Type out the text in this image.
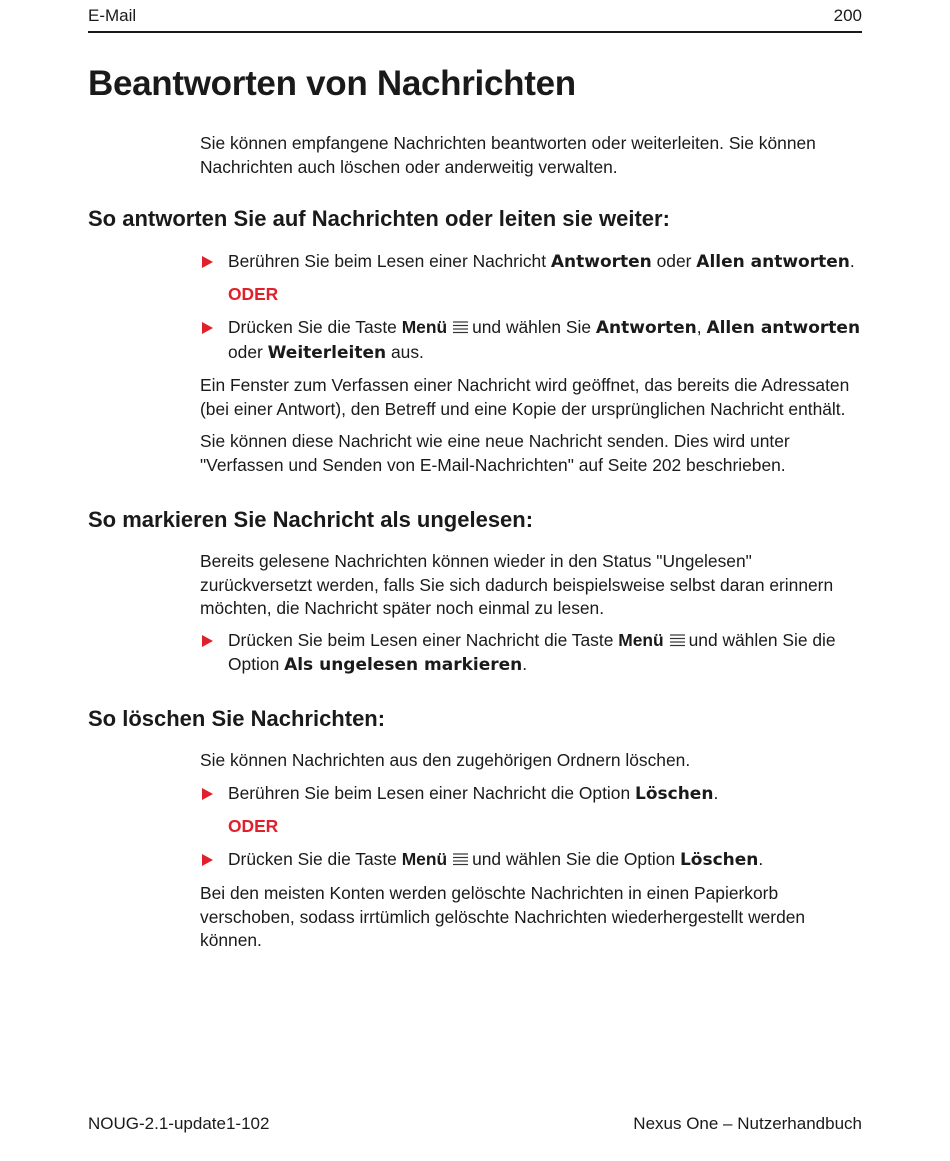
E-Mail	200
Beantworten von Nachrichten

Sie können empfangene Nachrichten beantworten oder weiterleiten. Sie können Nachrichten auch löschen oder anderweitig verwalten.

So antworten Sie auf Nachrichten oder leiten sie weiter:
Berühren Sie beim Lesen einer Nachricht Antworten oder Allen antworten.
ODER
Drücken Sie die Taste Menü und wählen Sie Antworten, Allen antworten
oder Weiterleiten aus.

Ein Fenster zum Verfassen einer Nachricht wird geöffnet, das bereits die Adressaten (bei einer Antwort), den Betreff und eine Kopie der ursprünglichen Nachricht enthält.

Sie können diese Nachricht wie eine neue Nachricht senden. Dies wird unter "Verfassen und Senden von E-Mail-Nachrichten" auf Seite 202 beschrieben.

So markieren Sie Nachricht als ungelesen:

Bereits gelesene Nachrichten können wieder in den Status "Ungelesen" zurückversetzt werden, falls Sie sich dadurch beispielsweise selbst daran erinnern möchten, die Nachricht später noch einmal zu lesen.

Drücken Sie beim Lesen einer Nachricht die Taste Menü und wählen Sie die Option Als ungelesen markieren.
So löschen Sie Nachrichten:

Sie können Nachrichten aus den zugehörigen Ordnern löschen.

Berühren Sie beim Lesen einer Nachricht die Option Löschen.
ODER
Drücken Sie die Taste Menü und wählen Sie die Option Löschen.

Bei den meisten Konten werden gelöschte Nachrichten in einen Papierkorb verschoben, sodass irrtümlich gelöschte Nachrichten wiederhergestellt werden können.

NOUG-2.1-update1-102	Nexus One – Nutzerhandbuch
